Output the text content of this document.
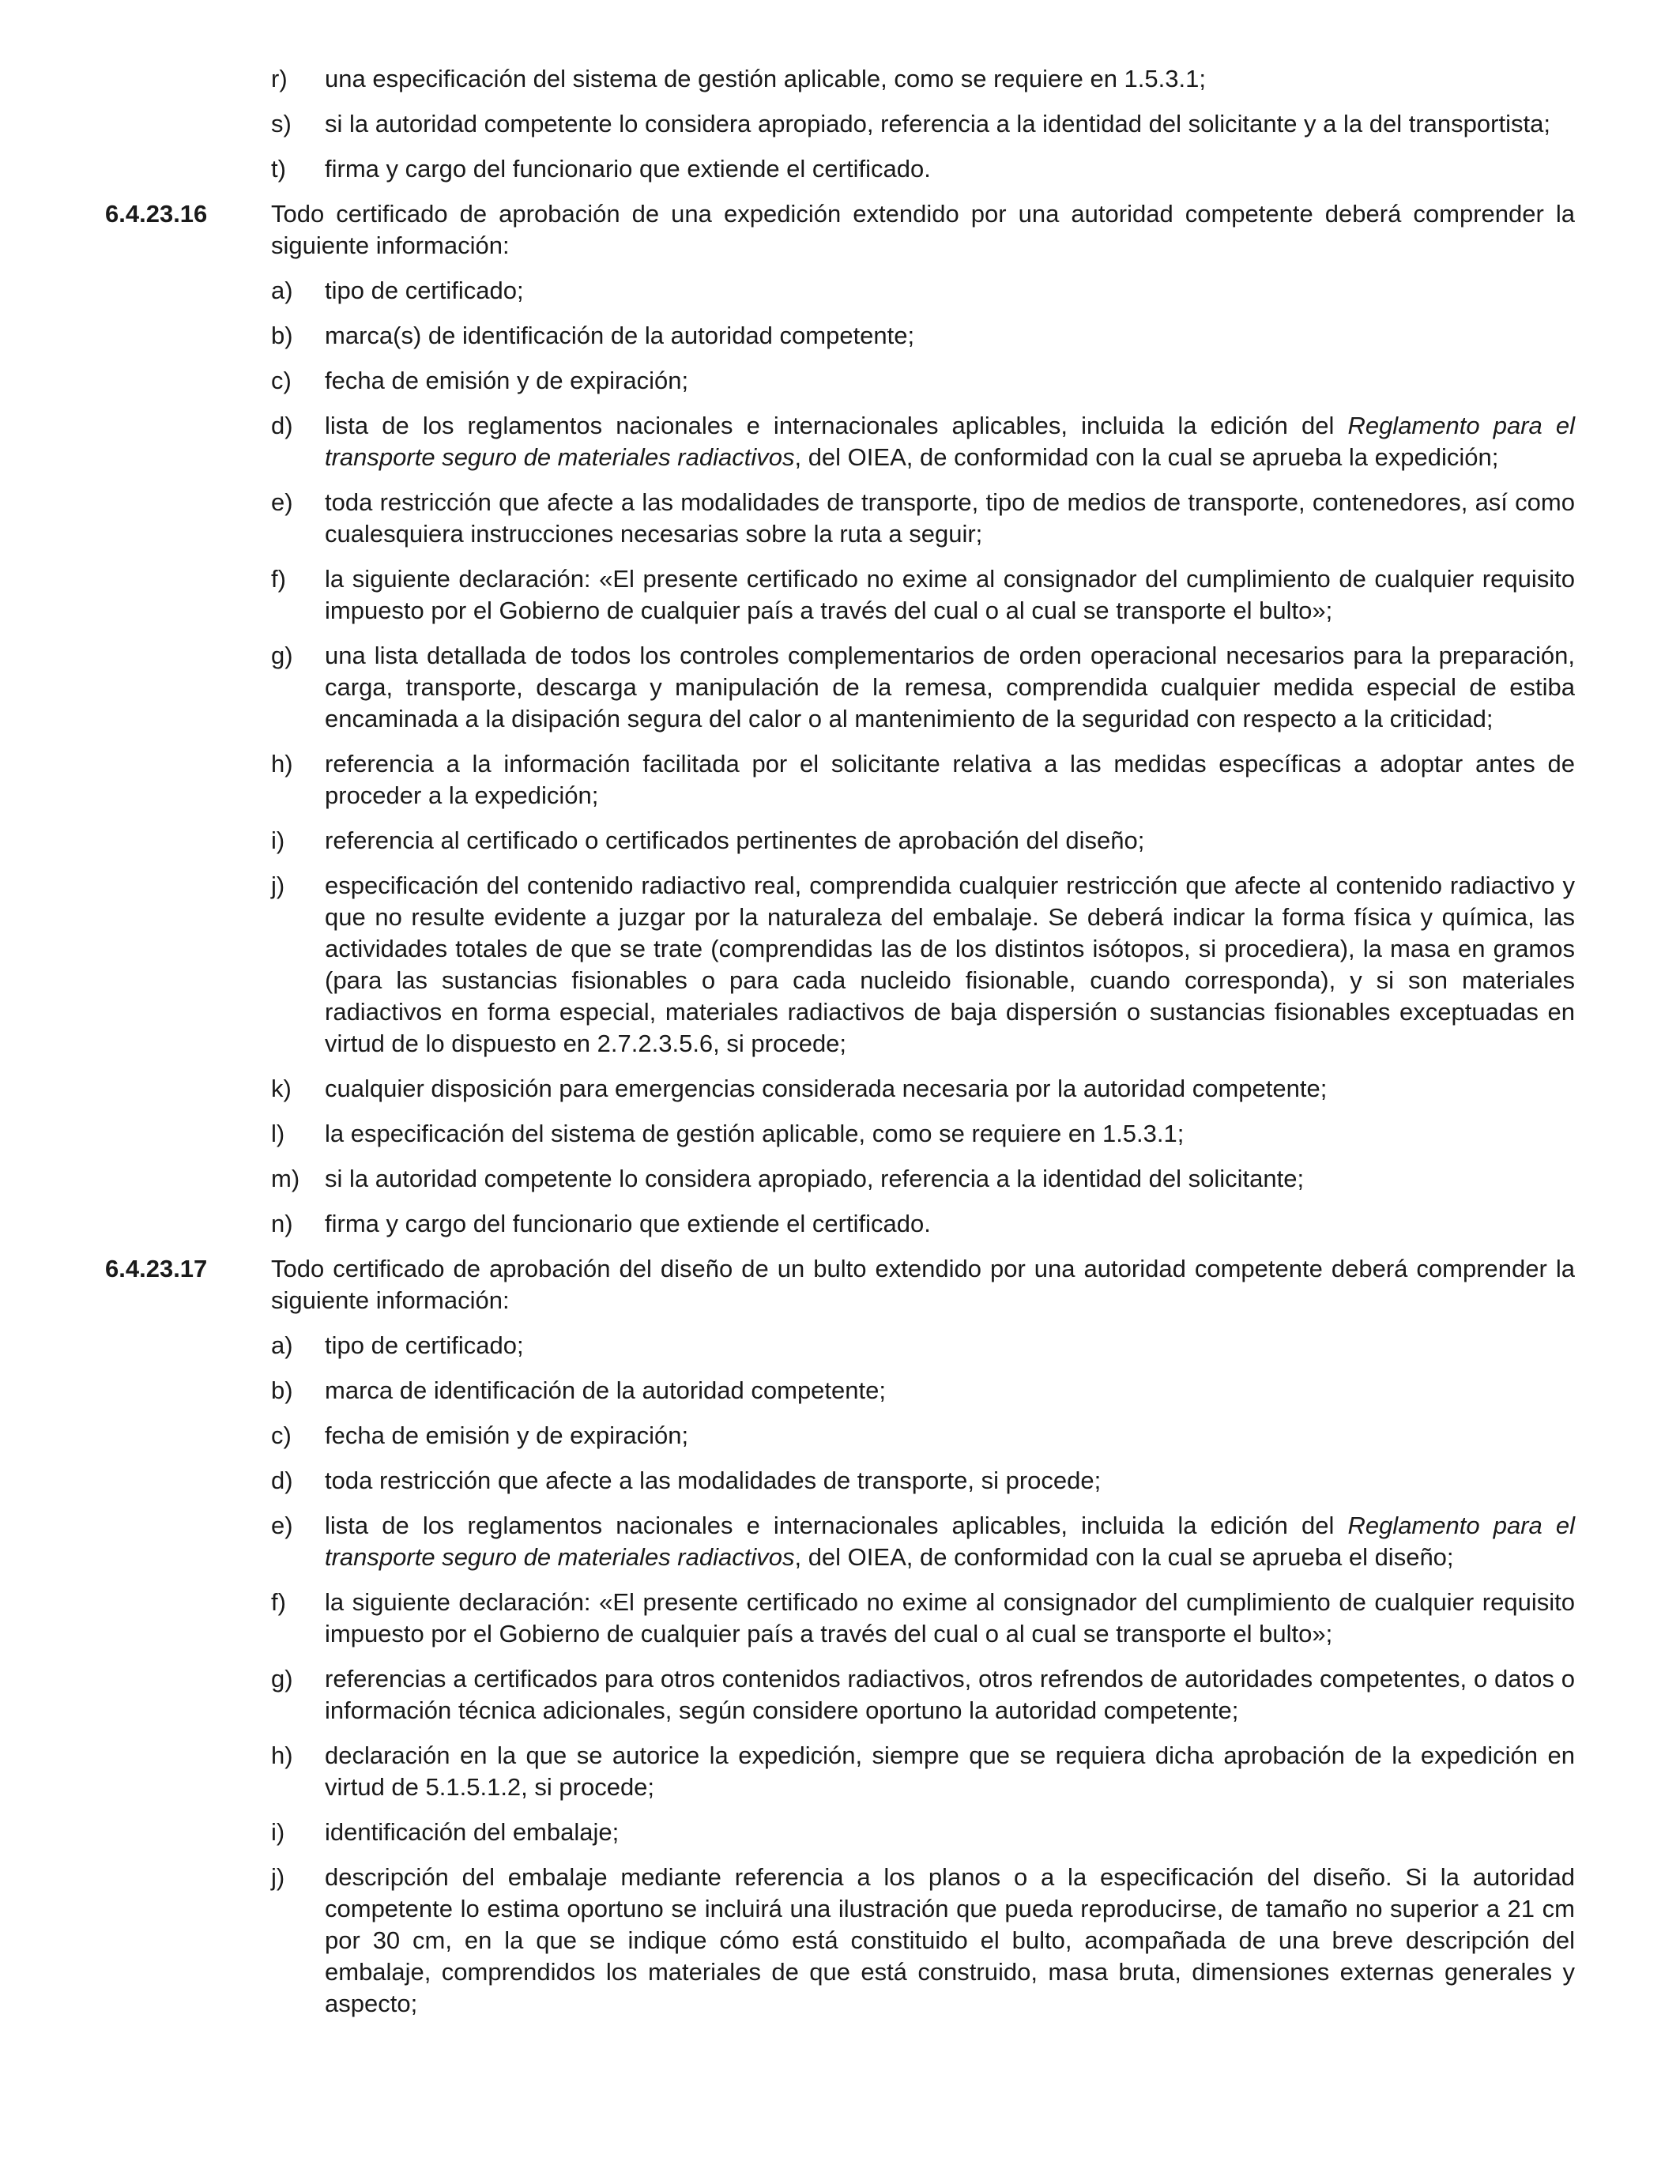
r)	una especificación del sistema de gestión aplicable, como se requiere en 1.5.3.1;
s)	si la autoridad competente lo considera apropiado, referencia a la identidad del solicitante y a la del transportista;
t)	firma y cargo del funcionario que extiende el certificado.
6.4.23.16	Todo certificado de aprobación de una expedición extendido por una autoridad competente deberá comprender la siguiente información:
a)	tipo de certificado;
b)	marca(s) de identificación de la autoridad competente;
c)	fecha de emisión y de expiración;
d)	lista de los reglamentos nacionales e internacionales aplicables, incluida la edición del Reglamento para el transporte seguro de materiales radiactivos, del OIEA, de conformidad con la cual se aprueba la expedición;
e)	toda restricción que afecte a las modalidades de transporte, tipo de medios de transporte, contenedores, así como cualesquiera instrucciones necesarias sobre la ruta a seguir;
f)	la siguiente declaración: «El presente certificado no exime al consignador del cumplimiento de cualquier requisito impuesto por el Gobierno de cualquier país a través del cual o al cual se transporte el bulto»;
g)	una lista detallada de todos los controles complementarios de orden operacional necesarios para la preparación, carga, transporte, descarga y manipulación de la remesa, comprendida cualquier medida especial de estiba encaminada a la disipación segura del calor o al mantenimiento de la seguridad con respecto a la criticidad;
h)	referencia a la información facilitada por el solicitante relativa a las medidas específicas a adoptar antes de proceder a la expedición;
i)	referencia al certificado o certificados pertinentes de aprobación del diseño;
j)	especificación del contenido radiactivo real, comprendida cualquier restricción que afecte al contenido radiactivo y que no resulte evidente a juzgar por la naturaleza del embalaje. Se deberá indicar la forma física y química, las actividades totales de que se trate (comprendidas las de los distintos isótopos, si procediera), la masa en gramos (para las sustancias fisionables o para cada nucleido fisionable, cuando corresponda), y si son materiales radiactivos en forma especial, materiales radiactivos de baja dispersión o sustancias fisionables exceptuadas en virtud de lo dispuesto en 2.7.2.3.5.6, si procede;
k)	cualquier disposición para emergencias considerada necesaria por la autoridad competente;
l)	la especificación del sistema de gestión aplicable, como se requiere en 1.5.3.1;
m)	si la autoridad competente lo considera apropiado, referencia a la identidad del solicitante;
n)	firma y cargo del funcionario que extiende el certificado.
6.4.23.17	Todo certificado de aprobación del diseño de un bulto extendido por una autoridad competente deberá comprender la siguiente información:
a)	tipo de certificado;
b)	marca de identificación de la autoridad competente;
c)	fecha de emisión y de expiración;
d)	toda restricción que afecte a las modalidades de transporte, si procede;
e)	lista de los reglamentos nacionales e internacionales aplicables, incluida la edición del Reglamento para el transporte seguro de materiales radiactivos, del OIEA, de conformidad con la cual se aprueba el diseño;
f)	la siguiente declaración: «El presente certificado no exime al consignador del cumplimiento de cualquier requisito impuesto por el Gobierno de cualquier país a través del cual o al cual se transporte el bulto»;
g)	referencias a certificados para otros contenidos radiactivos, otros refrendos de autoridades competentes, o datos o información técnica adicionales, según considere oportuno la autoridad competente;
h)	declaración en la que se autorice la expedición, siempre que se requiera dicha aprobación de la expedición en virtud de 5.1.5.1.2, si procede;
i)	identificación del embalaje;
j)	descripción del embalaje mediante referencia a los planos o a la especificación del diseño. Si la autoridad competente lo estima oportuno se incluirá una ilustración que pueda reproducirse, de tamaño no superior a 21 cm por 30 cm, en la que se indique cómo está constituido el bulto, acompañada de una breve descripción del embalaje, comprendidos los materiales de que está construido, masa bruta, dimensiones externas generales y aspecto;
